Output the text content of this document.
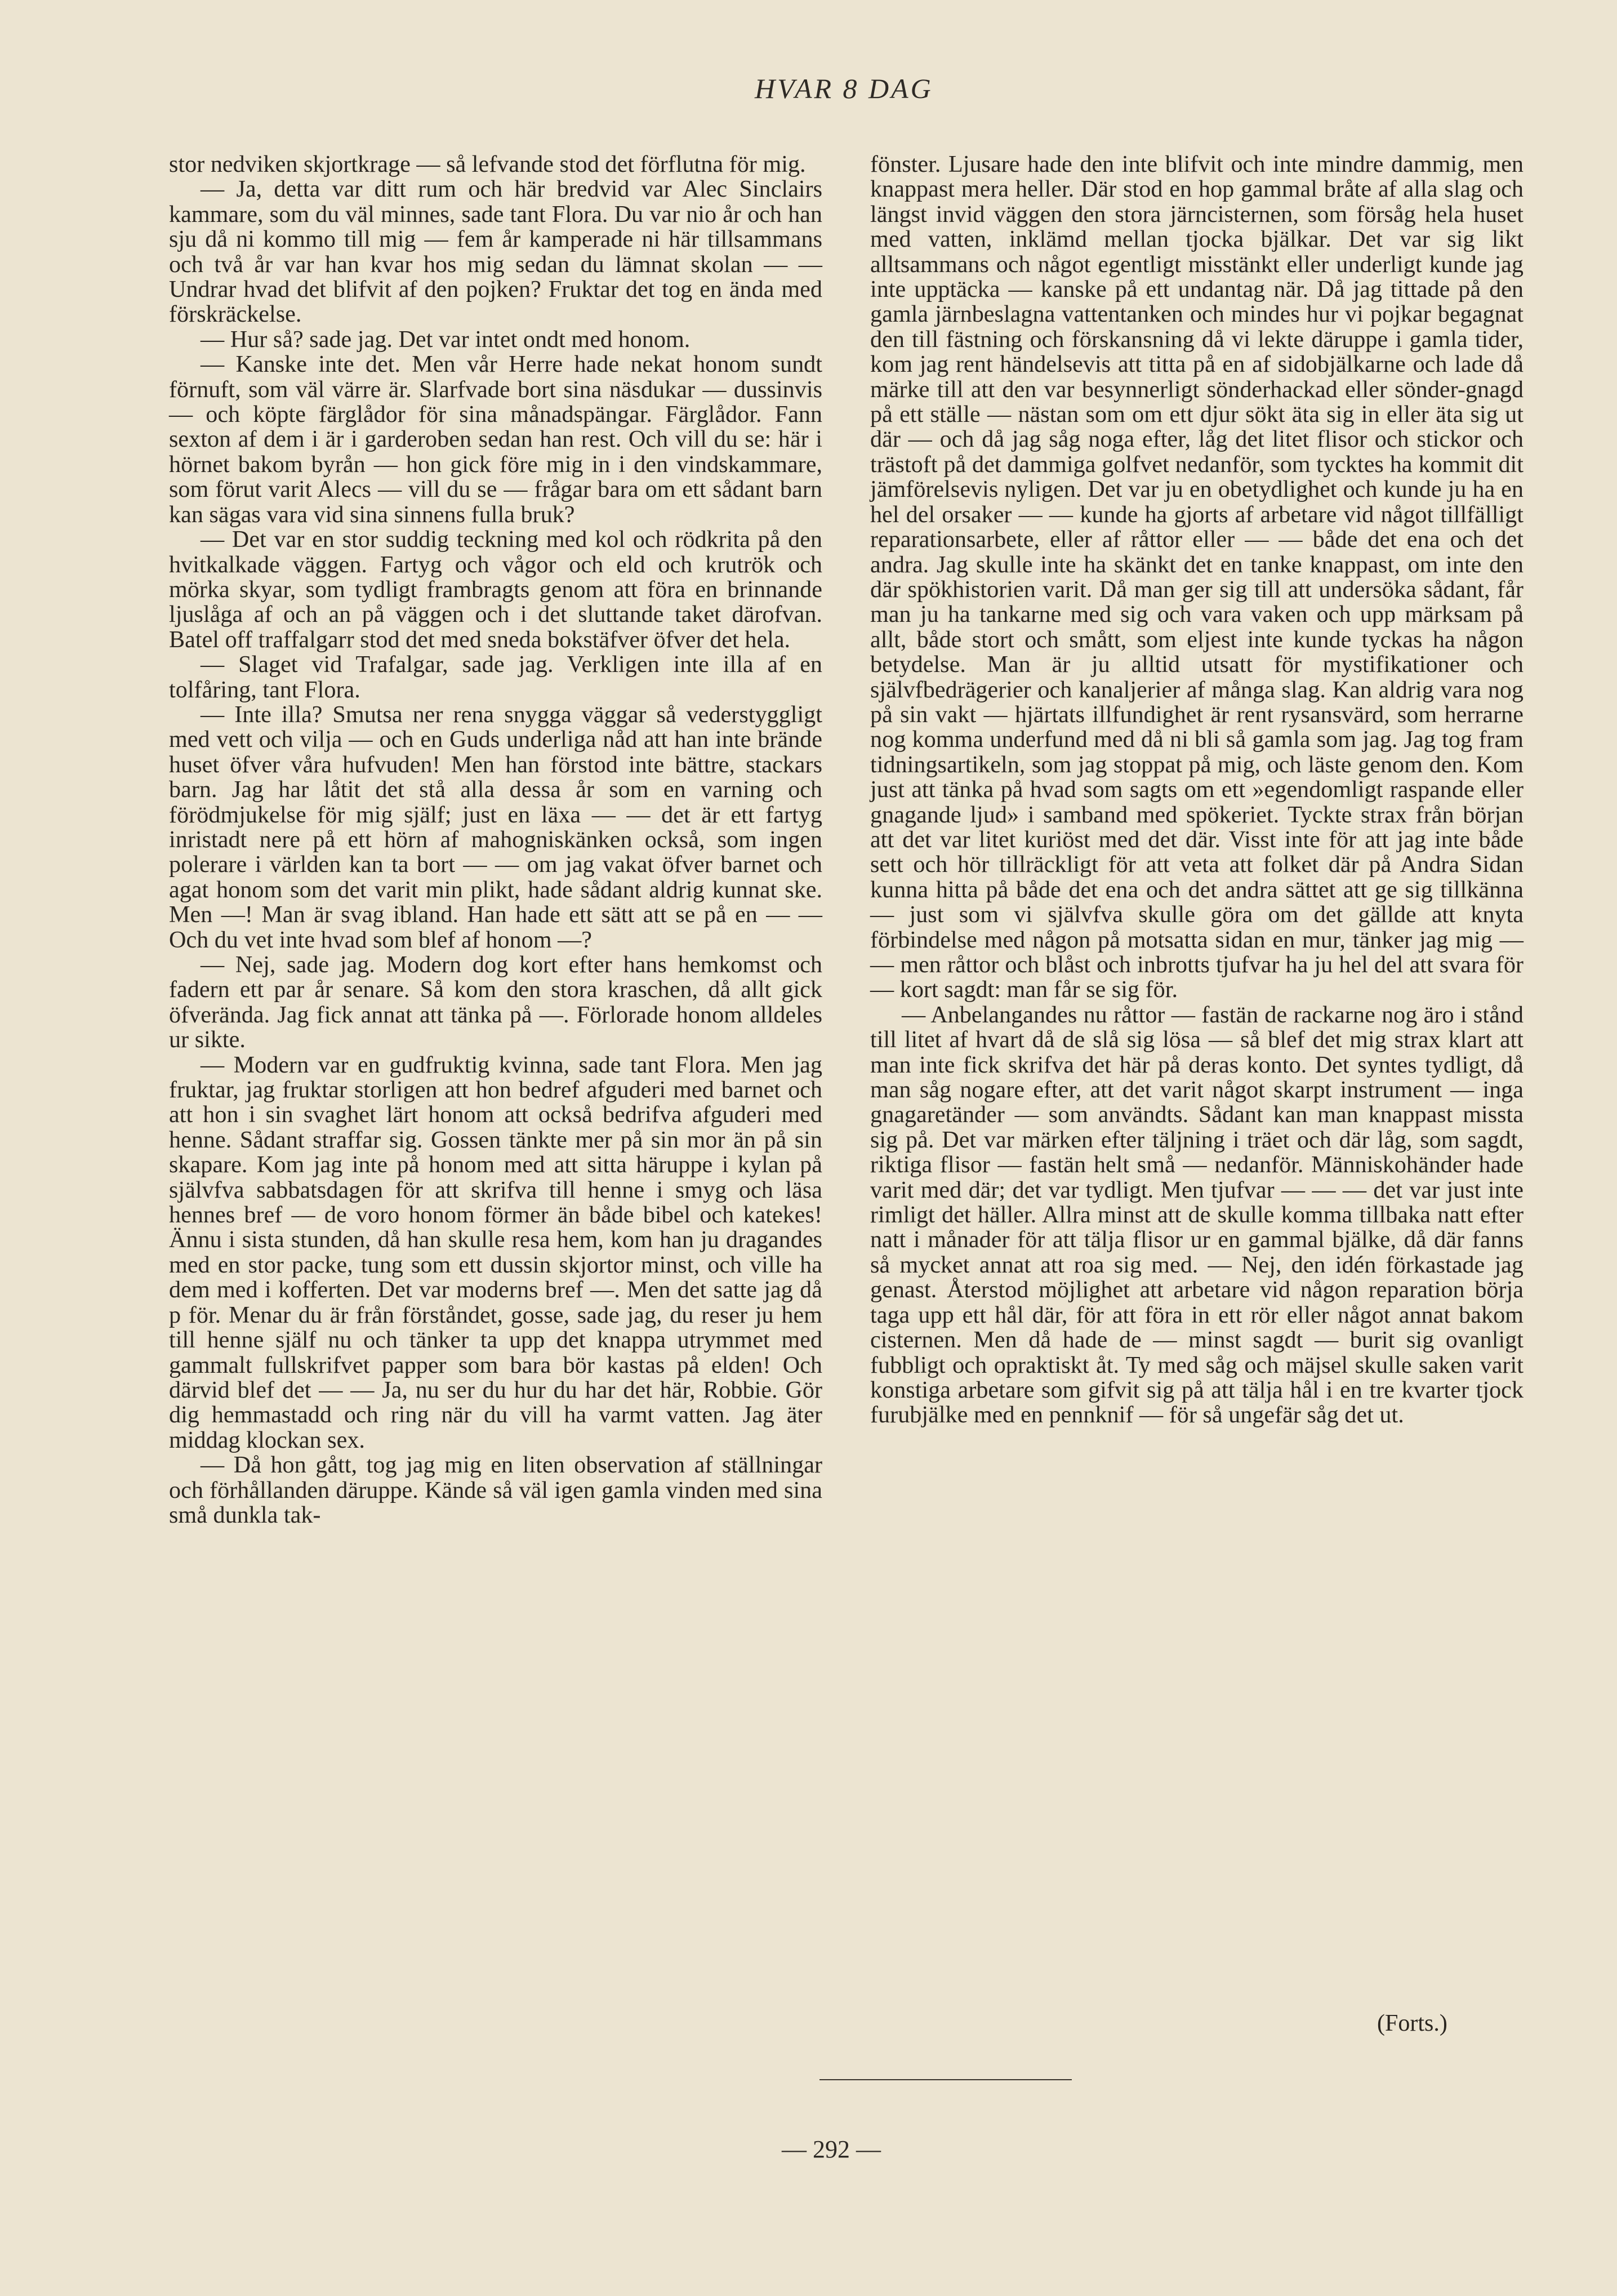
HVAR 8 DAG

stor nedviken skjortkrage — så lefvande stod det förflutna för mig.

— Ja, detta var ditt rum och här bredvid var Alec Sinclairs kammare, som du väl minnes, sade tant Flora. Du var nio år och han sju då ni kommo till mig — fem år kamperade ni här tillsammans och två år var han kvar hos mig sedan du lämnat skolan — — Undrar hvad det blifvit af den pojken? Fruktar det tog en ända med förskräckelse.

— Hur så? sade jag. Det var intet ondt med honom.

— Kanske inte det. Men vår Herre hade nekat honom sundt förnuft, som väl värre är. Slarfvade bort sina näsdukar — dussinvis — och köpte färglådor för sina månadspängar. Färglådor. Fann sexton af dem i är i garderoben sedan han rest. Och vill du se: här i hörnet bakom byrån — hon gick före mig in i den vindskammare, som förut varit Alecs — vill du se — frågar bara om ett sådant barn kan sägas vara vid sina sinnens fulla bruk?

— Det var en stor suddig teckning med kol och rödkrita på den hvitkalkade väggen. Fartyg och vågor och eld och krutrök och mörka skyar, som tydligt frambragts genom att föra en brinnande ljuslåga af och an på väggen och i det sluttande taket därofvan. Batel off traffalgarr stod det med sneda bokstäfver öfver det hela.

— Slaget vid Trafalgar, sade jag. Verkligen inte illa af en tolfåring, tant Flora.

— Inte illa? Smutsa ner rena snygga väggar så vederstyggligt med vett och vilja — och en Guds underliga nåd att han inte brände huset öfver våra hufvuden! Men han förstod inte bättre, stackars barn. Jag har låtit det stå alla dessa år som en varning och förödmjukelse för mig själf; just en läxa — — det är ett fartyg inristadt nere på ett hörn af mahogniskänken också, som ingen polerare i världen kan ta bort — — om jag vakat öfver barnet och agat honom som det varit min plikt, hade sådant aldrig kunnat ske. Men —! Man är svag ibland. Han hade ett sätt att se på en — — Och du vet inte hvad som blef af honom —?

— Nej, sade jag. Modern dog kort efter hans hemkomst och fadern ett par år senare. Så kom den stora kraschen, då allt gick öfverända. Jag fick annat att tänka på —. Förlorade honom alldeles ur sikte.

— Modern var en gudfruktig kvinna, sade tant Flora. Men jag fruktar, jag fruktar storligen att hon bedref afguderi med barnet och att hon i sin svaghet lärt honom att också bedrifva afguderi med henne. Sådant straffar sig. Gossen tänkte mer på sin mor än på sin skapare. Kom jag inte på honom med att sitta häruppe i kylan på självfva sabbatsdagen för att skrifva till henne i smyg och läsa hennes bref — de voro honom förmer än både bibel och katekes! Ännu i sista stunden, då han skulle resa hem, kom han ju dragandes med en stor packe, tung som ett dussin skjortor minst, och ville ha dem med i kofferten. Det var moderns bref —. Men det satte jag då p för. Menar du är från förståndet, gosse, sade jag, du reser ju hem till henne själf nu och tänker ta upp det knappa utrymmet med gammalt fullskrifvet papper som bara bör kastas på elden! Och därvid blef det — — Ja, nu ser du hur du har det här, Robbie. Gör dig hemmastadd och ring när du vill ha varmt vatten. Jag äter middag klockan sex.

— Då hon gått, tog jag mig en liten observation af ställningar och förhållanden däruppe. Kände så väl igen gamla vinden med sina små dunkla tak-

fönster. Ljusare hade den inte blifvit och inte mindre dammig, men knappast mera heller. Där stod en hop gammal bråte af alla slag och längst invid väggen den stora järncisternen, som försåg hela huset med vatten, inklämd mellan tjocka bjälkar. Det var sig likt alltsammans och något egentligt misstänkt eller underligt kunde jag inte upptäcka — kanske på ett undantag när. Då jag tittade på den gamla järnbeslagna vattentanken och mindes hur vi pojkar begagnat den till fästning och förskansning då vi lekte däruppe i gamla tider, kom jag rent händelsevis att titta på en af sidobjälkarne och lade då märke till att den var besynnerligt sönderhackad eller sönder-gnagd på ett ställe — nästan som om ett djur sökt äta sig in eller äta sig ut där — och då jag såg noga efter, låg det litet flisor och stickor och trästoft på det dammiga golfvet nedanför, som tycktes ha kommit dit jämförelsevis nyligen. Det var ju en obetydlighet och kunde ju ha en hel del orsaker — — kunde ha gjorts af arbetare vid något tillfälligt reparationsarbete, eller af råttor eller — — både det ena och det andra. Jag skulle inte ha skänkt det en tanke knappast, om inte den där spökhistorien varit. Då man ger sig till att undersöka sådant, får man ju ha tankarne med sig och vara vaken och upp märksam på allt, både stort och smått, som eljest inte kunde tyckas ha någon betydelse. Man är ju alltid utsatt för mystifikationer och självfbedrägerier och kanaljerier af många slag. Kan aldrig vara nog på sin vakt — hjärtats illfundighet är rent rysansvärd, som herrarne nog komma underfund med då ni bli så gamla som jag. Jag tog fram tidningsartikeln, som jag stoppat på mig, och läste genom den. Kom just att tänka på hvad som sagts om ett »egendomligt raspande eller gnagande ljud» i samband med spökeriet. Tyckte strax från början att det var litet kuriöst med det där. Visst inte för att jag inte både sett och hör tillräckligt för att veta att folket där på Andra Sidan kunna hitta på både det ena och det andra sättet att ge sig tillkänna — just som vi självfva skulle göra om det gällde att knyta förbindelse med någon på motsatta sidan en mur, tänker jag mig — — men råttor och blåst och inbrotts tjufvar ha ju hel del att svara för — kort sagdt: man får se sig för.

— Anbelangandes nu råttor — fastän de rackarne nog äro i stånd till litet af hvart då de slå sig lösa — så blef det mig strax klart att man inte fick skrifva det här på deras konto. Det syntes tydligt, då man såg nogare efter, att det varit något skarpt instrument — inga gnagaretänder — som användts. Sådant kan man knappast missta sig på. Det var märken efter täljning i träet och där låg, som sagdt, riktiga flisor — fastän helt små — nedanför. Människohänder hade varit med där; det var tydligt. Men tjufvar — — — det var just inte rimligt det häller. Allra minst att de skulle komma tillbaka natt efter natt i månader för att tälja flisor ur en gammal bjälke, då där fanns så mycket annat att roa sig med. — Nej, den idén förkastade jag genast. Återstod möjlighet att arbetare vid någon reparation börja taga upp ett hål där, för att föra in ett rör eller något annat bakom cisternen. Men då hade de — minst sagdt — burit sig ovanligt fubbligt och opraktiskt åt. Ty med såg och mäjsel skulle saken varit konstiga arbetare som gifvit sig på att tälja hål i en tre kvarter tjock furubjälke med en pennknif — för så ungefär såg det ut.

(Forts.)
— 292 —
